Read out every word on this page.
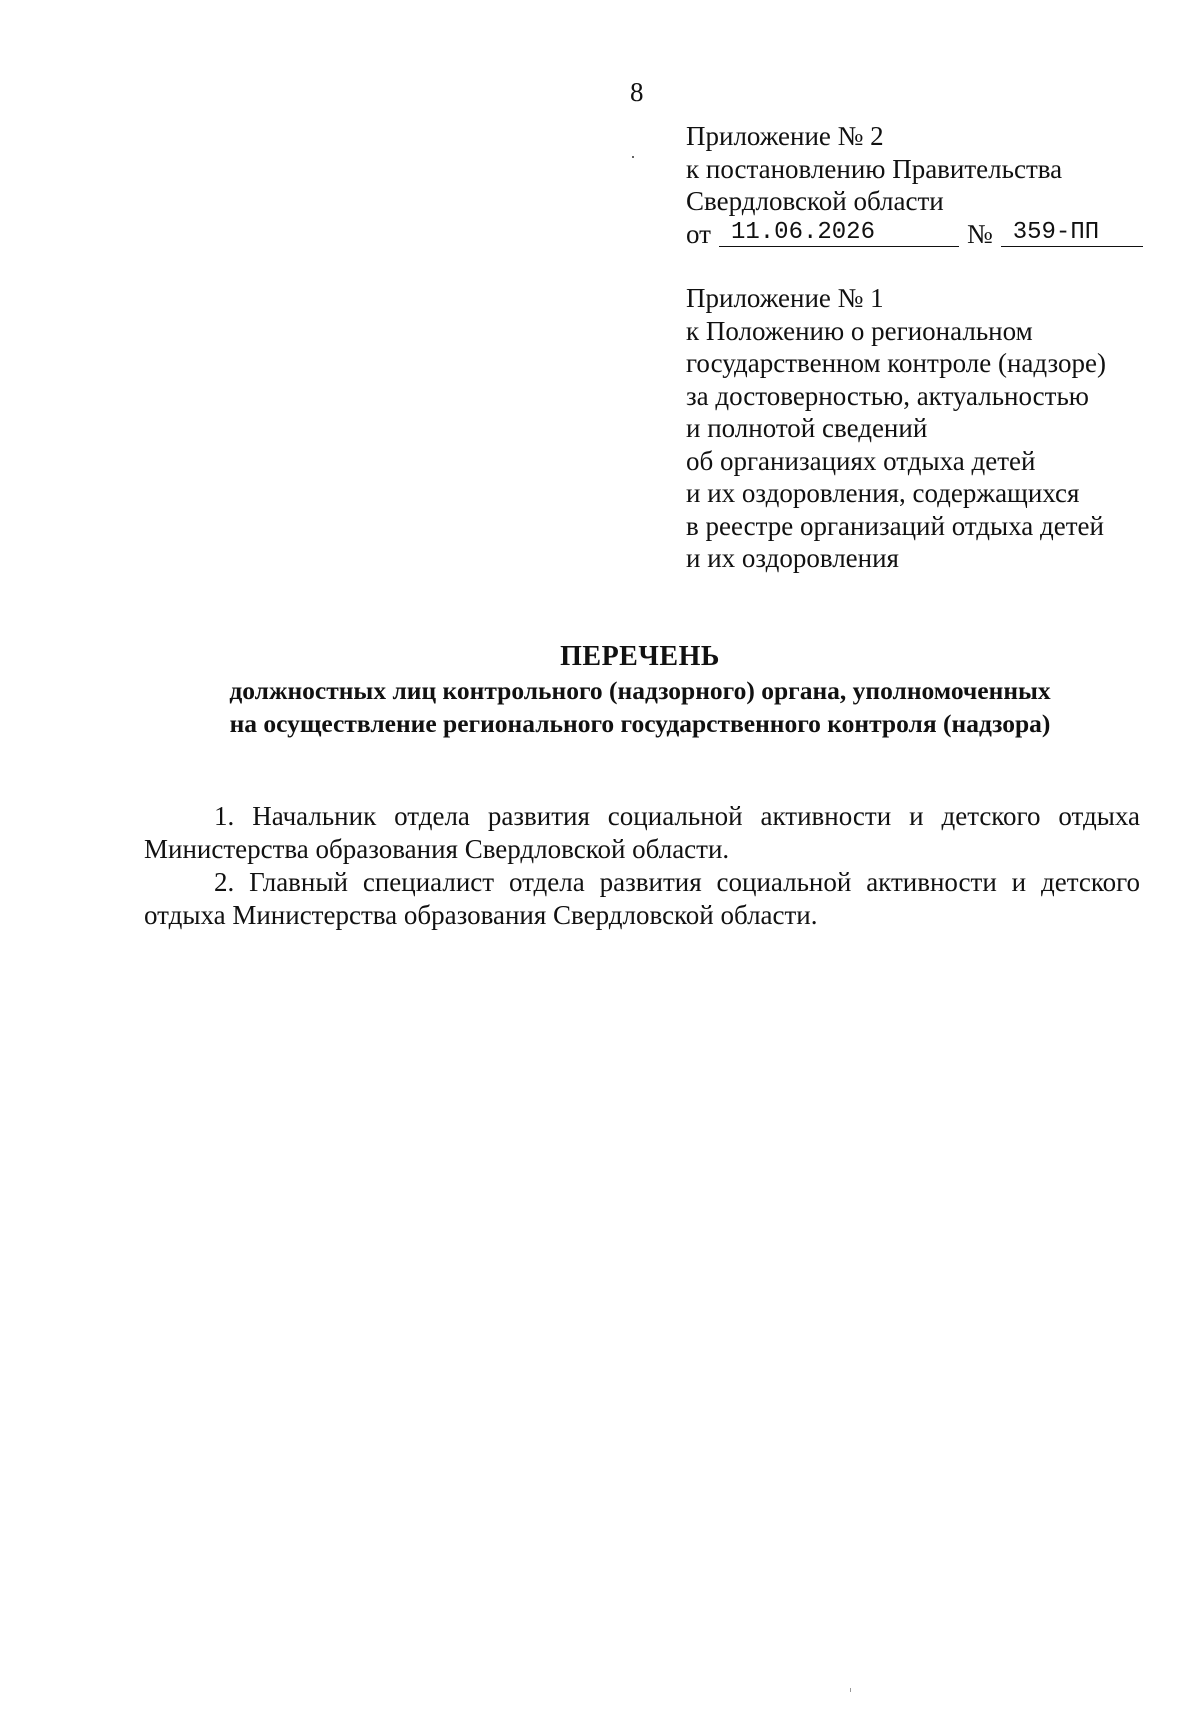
8
Приложение № 2
к постановлению Правительства
Свердловской области
от 11.06.2026	№ 359-ПП
Приложение № 1
к Положению о региональном
государственном контроле (надзоре)
за достоверностью, актуальностью
и полнотой сведений
об организациях отдыха детей
и их оздоровления, содержащихся
в реестре организаций отдыха детей
и их оздоровления
ПЕРЕЧЕНЬ
должностных лиц контрольного (надзорного) органа, уполномоченных
на осуществление регионального государственного контроля (надзора)

1. Начальник отдела развития социальной активности и детского отдыха Министерства образования Свердловской области.

2. Главный специалист отдела развития социальной активности и детского отдыха Министерства образования Свердловской области.
